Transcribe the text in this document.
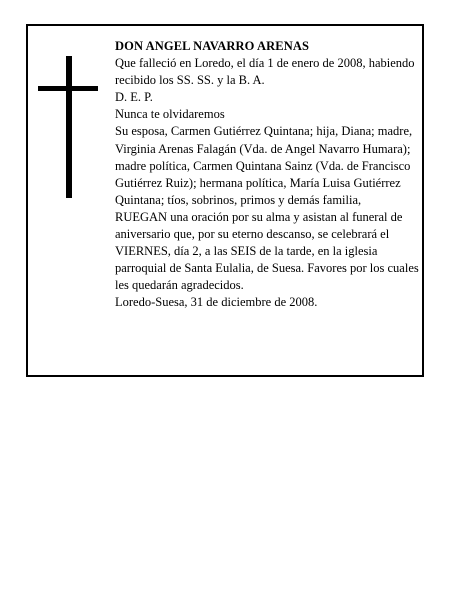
DON ANGEL NAVARRO ARENAS

Que falleció en Loredo, el día 1 de enero de 2008, habiendo recibido los SS. SS. y la B. A.

D. E. P.

Nunca te olvidaremos

Su esposa, Carmen Gutiérrez Quintana; hija, Diana; madre, Virginia Arenas Falagán (Vda. de Angel Navarro Humara); madre política, Carmen Quintana Sainz (Vda. de Francisco Gutiérrez Ruiz); hermana política, María Luisa Gutiérrez Quintana; tíos, sobrinos, primos y demás familia,

RUEGAN una oración por su alma y asistan al funeral de aniversario que, por su eterno descanso, se celebrará el VIERNES, día 2, a las SEIS de la tarde, en la iglesia parroquial de Santa Eulalia, de Suesa. Favores por los cuales les quedarán agradecidos.

Loredo-Suesa, 31 de diciembre de 2008.
